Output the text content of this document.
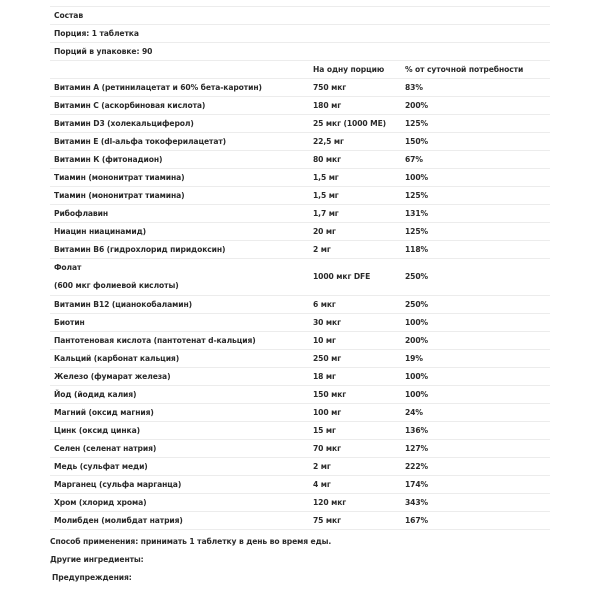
Состав		
Порция: 1 таблетка		
Порций в упаковке: 90		
	На одну порцию	% от суточной потребности
Витамин А (ретинилацетат и 60% бета-каротин)	750 мкг	83%
Витамин С (аскорбиновая кислота)	180 мг	200%
Витамин D3 (холекальциферол)	25 мкг (1000 МЕ)	125%
Витамин Е (dl-альфа токоферилацетат)	22,5 мг	150%
Витамин К (фитонадион)	80 мкг	67%
Тиамин (мононитрат тиамина)	1,5 мг	100%
Тиамин (мононитрат тиамина)	1,5 мг	125%
Рибофлавин	1,7 мг	131%
Ниацин ниацинамид)	20 мг	125%
Витамин В6 (гидрохлорид пиридоксин)	2 мг	118%

Фолат
(600 мкг фолиевой кислоты)	1000 мкг DFE	250%
Витамин В12 (цианокобаламин)	6 мкг	250%
Биотин	30 мкг	100%
Пантотеновая кислота (пантотенат d-кальция)	10 мг	200%
Кальций (карбонат кальция)	250 мг	19%
Железо (фумарат железа)	18 мг	100%
Йод (йодид калия)	150 мкг	100%
Магний (оксид магния)	100 мг	24%
Цинк (оксид цинка)	15 мг	136%
Селен (селенат натрия)	70 мкг	127%
Медь (сульфат меди)	2 мг	222%
Марганец (сульфа марганца)	4 мг	174%
Хром (хлорид хрома)	120 мкг	343%
Молибден (молибдат натрия)	75 мкг	167%
Способ применения: принимать 1 таблетку в день во время еды.
Другие ингредиенты:
Предупреждения:
